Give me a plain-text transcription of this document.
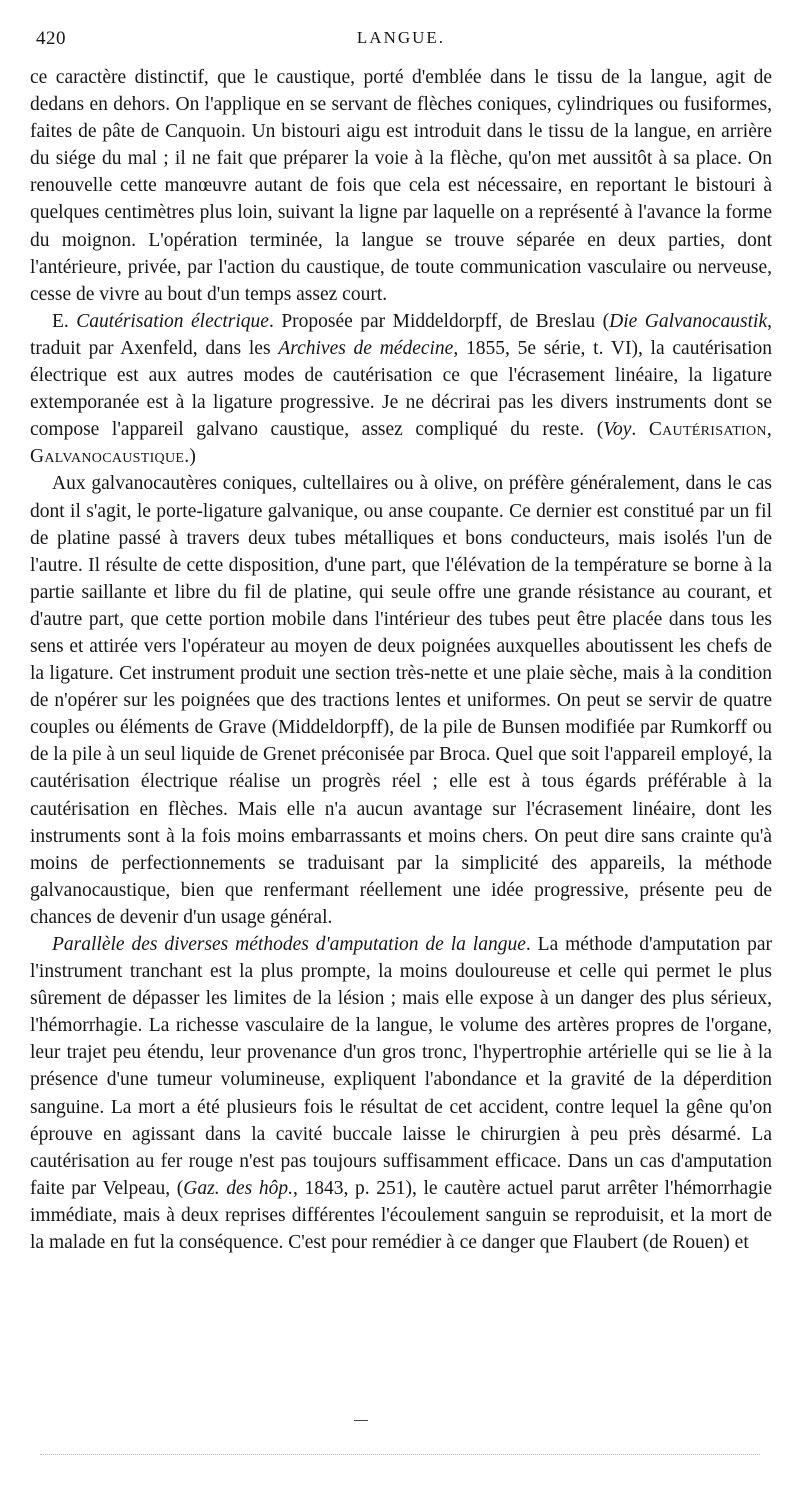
420	LANGUE.

ce caractère distinctif, que le caustique, porté d'emblée dans le tissu de la langue, agit de dedans en dehors. On l'applique en se servant de flèches coniques, cylindriques ou fusiformes, faites de pâte de Canquoin. Un bistouri aigu est introduit dans le tissu de la langue, en arrière du siége du mal ; il ne fait que préparer la voie à la flèche, qu'on met aussitôt à sa place. On renouvelle cette manœuvre autant de fois que cela est nécessaire, en reportant le bistouri à quelques centimètres plus loin, suivant la ligne par laquelle on a représenté à l'avance la forme du moignon. L'opération terminée, la langue se trouve séparée en deux parties, dont l'antérieure, privée, par l'action du caustique, de toute communication vasculaire ou nerveuse, cesse de vivre au bout d'un temps assez court.

E. Cautérisation électrique. Proposée par Middeldorpff, de Breslau (Die Galvanocaustik, traduit par Axenfeld, dans les Archives de médecine, 1855, 5e série, t. VI), la cautérisation électrique est aux autres modes de cautérisation ce que l'écrasement linéaire, la ligature extemporanée est à la ligature progressive. Je ne décrirai pas les divers instruments dont se compose l'appareil galvano caustique, assez compliqué du reste. (Voy. Cautérisation, Galvanocaustique.)

Aux galvanocautères coniques, cultellaires ou à olive, on préfère généralement, dans le cas dont il s'agit, le porte-ligature galvanique, ou anse coupante. Ce dernier est constitué par un fil de platine passé à travers deux tubes métalliques et bons conducteurs, mais isolés l'un de l'autre. Il résulte de cette disposition, d'une part, que l'élévation de la température se borne à la partie saillante et libre du fil de platine, qui seule offre une grande résistance au courant, et d'autre part, que cette portion mobile dans l'intérieur des tubes peut être placée dans tous les sens et attirée vers l'opérateur au moyen de deux poignées auxquelles aboutissent les chefs de la ligature. Cet instrument produit une section très-nette et une plaie sèche, mais à la condition de n'opérer sur les poignées que des tractions lentes et uniformes. On peut se servir de quatre couples ou éléments de Grave (Middeldorpff), de la pile de Bunsen modifiée par Rumkorff ou de la pile à un seul liquide de Grenet préconisée par Broca. Quel que soit l'appareil employé, la cautérisation électrique réalise un progrès réel ; elle est à tous égards préférable à la cautérisation en flèches. Mais elle n'a aucun avantage sur l'écrasement linéaire, dont les instruments sont à la fois moins embarrassants et moins chers. On peut dire sans crainte qu'à moins de perfectionnements se traduisant par la simplicité des appareils, la méthode galvanocaustique, bien que renfermant réellement une idée progressive, présente peu de chances de devenir d'un usage général.

Parallèle des diverses méthodes d'amputation de la langue. La méthode d'amputation par l'instrument tranchant est la plus prompte, la moins douloureuse et celle qui permet le plus sûrement de dépasser les limites de la lésion ; mais elle expose à un danger des plus sérieux, l'hémorrhagie. La richesse vasculaire de la langue, le volume des artères propres de l'organe, leur trajet peu étendu, leur provenance d'un gros tronc, l'hypertrophie artérielle qui se lie à la présence d'une tumeur volumineuse, expliquent l'abondance et la gravité de la déperdition sanguine. La mort a été plusieurs fois le résultat de cet accident, contre lequel la gêne qu'on éprouve en agissant dans la cavité buccale laisse le chirurgien à peu près désarmé. La cautérisation au fer rouge n'est pas toujours suffisamment efficace. Dans un cas d'amputation faite par Velpeau, (Gaz. des hôp., 1843, p. 251), le cautère actuel parut arrêter l'hémorrhagie immédiate, mais à deux reprises différentes l'écoulement sanguin se reproduisit, et la mort de la malade en fut la conséquence. C'est pour remédier à ce danger que Flaubert (de Rouen) et
